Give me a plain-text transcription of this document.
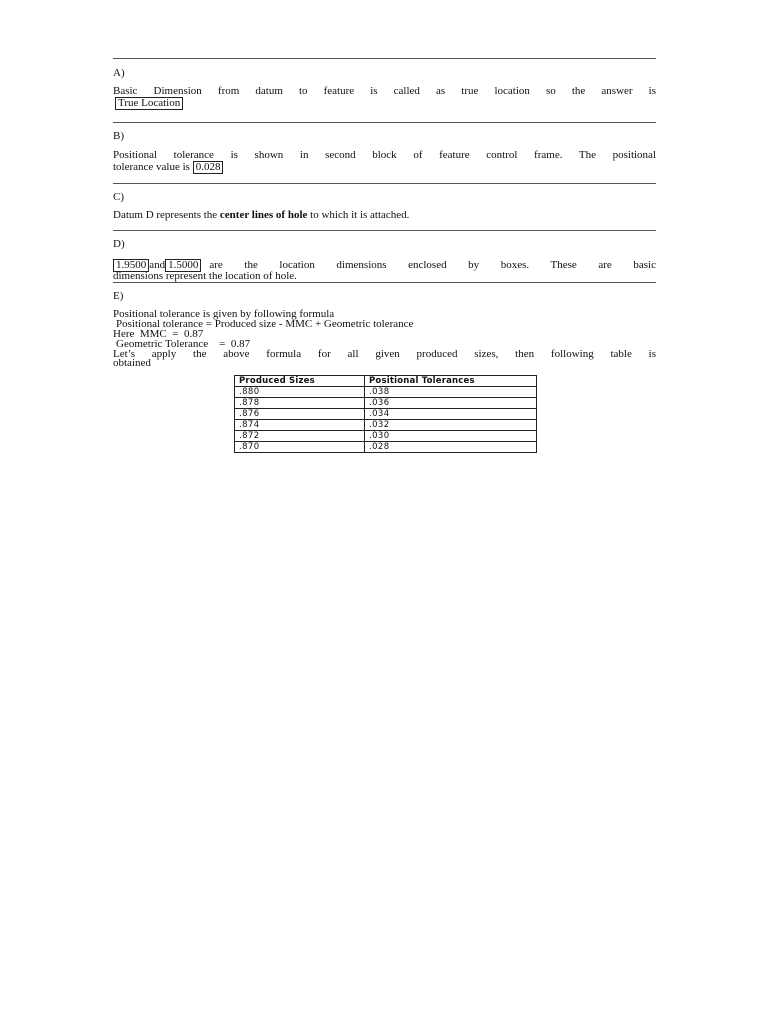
A)
Basic Dimension from datum to feature is called as true location so the answer is
True Location
B)
Positional tolerance is shown in second block of feature control frame. The positional
tolerance value is 0.028
C)
Datum D represents the center lines of hole to which it is attached.
D)
1.9500 and 1.5000 are the location dimensions enclosed by boxes. These are basic
dimensions represent the location of hole.
E)
Positional tolerance is given by following formula
Positional tolerance = Produced size - MMC + Geometric tolerance
Here  MMC  =  0.87
Geometric Tolerance    =  0.87
Let’s apply the above formula for all given produced sizes, then following table is
obtained
Produced Sizes	Positional Tolerances
.880	.038
.878	.036
.876	.034
.874	.032
.872	.030
.870	.028
